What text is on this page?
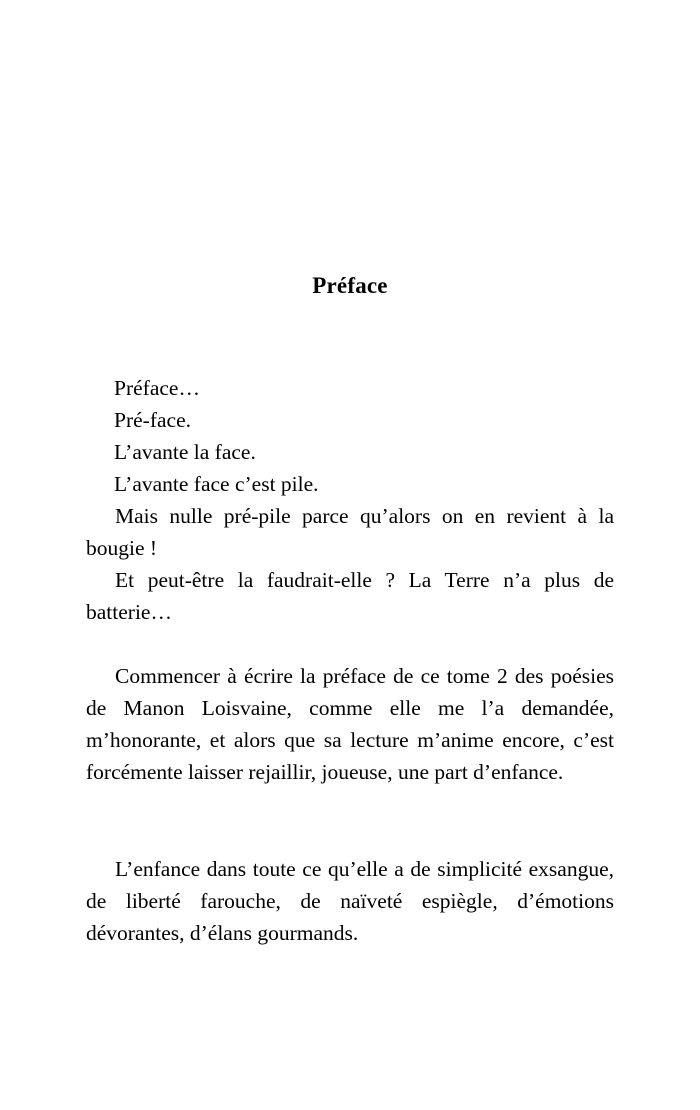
Préface
Préface…
Pré-face.
L’avante la face.
L’avante face c’est pile.
Mais nulle pré-pile parce qu’alors on en revient à la bougie !
Et peut-être la faudrait-elle ? La Terre n’a plus de batterie…

Commencer à écrire la préface de ce tome 2 des poésies de Manon Loisvaine, comme elle me l’a demandée, m’honorante, et alors que sa lecture m’anime encore, c’est forcémente laisser rejaillir, joueuse, une part d’enfance.

L’enfance dans toute ce qu’elle a de simplicité exsangue, de liberté farouche, de naïveté espiègle, d’émotions dévorantes, d’élans gourmands.
